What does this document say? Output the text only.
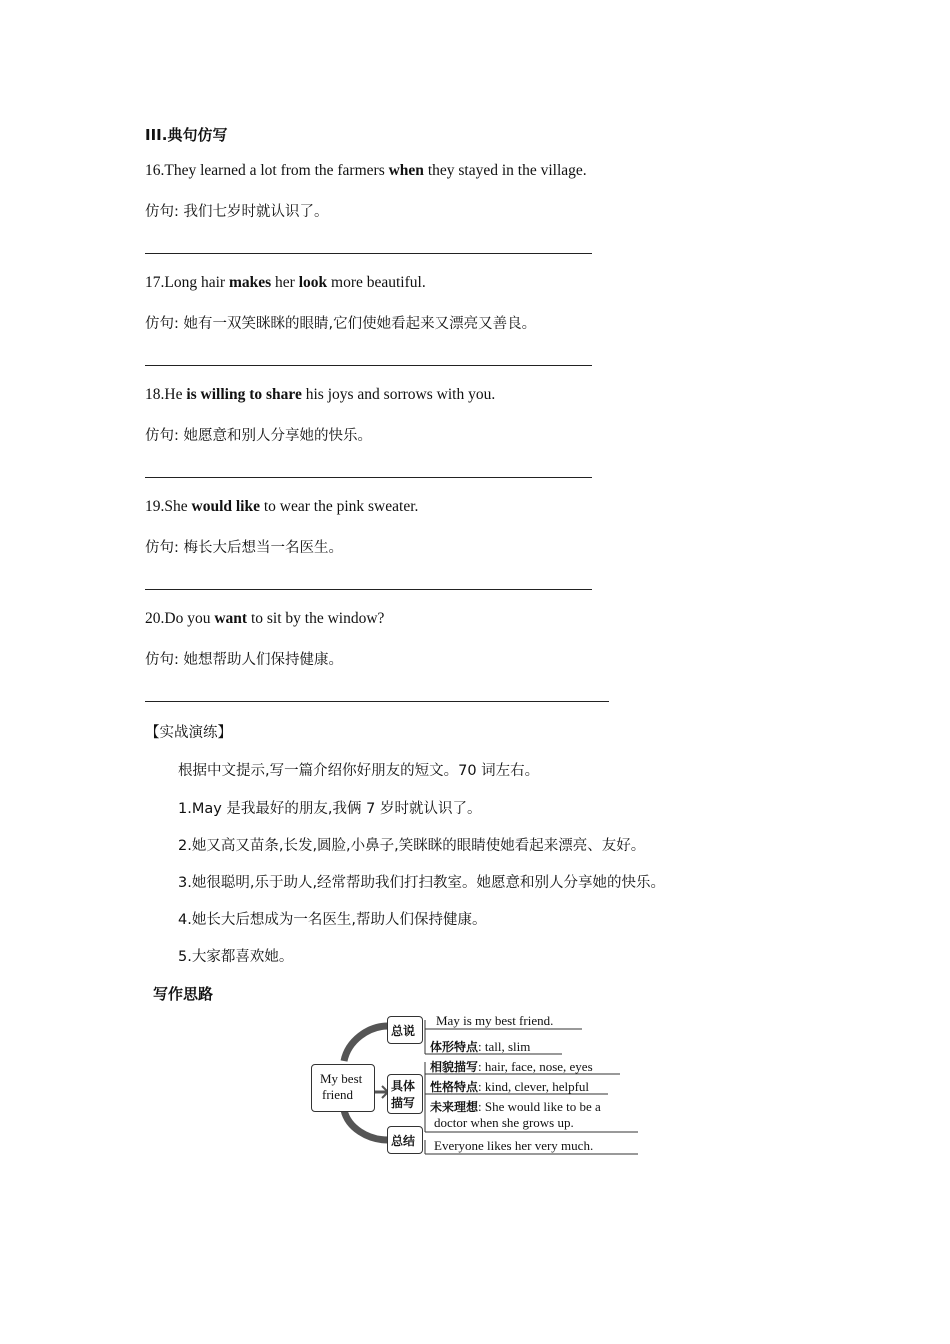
III.典句仿写
16.They learned a lot from the farmers when they stayed in the village.
仿句: 我们七岁时就认识了。
17.Long hair makes her look more beautiful.
仿句: 她有一双笑眯眯的眼睛,它们使她看起来又漂亮又善良。
18.He is willing to share his joys and sorrows with you.
仿句: 她愿意和别人分享她的快乐。
19.She would like to wear the pink sweater.
仿句: 梅长大后想当一名医生。
20.Do you want to sit by the window?
仿句: 她想帮助人们保持健康。
【实战演练】
根据中文提示,写一篇介绍你好朋友的短文。70 词左右。
1.May 是我最好的朋友,我俩 7 岁时就认识了。
2.她又高又苗条,长发,圆脸,小鼻子,笑眯眯的眼睛使她看起来漂亮、友好。
3.她很聪明,乐于助人,经常帮助我们打扫教室。她愿意和别人分享她的快乐。
4.她长大后想成为一名医生,帮助人们保持健康。
5.大家都喜欢她。
写作思路
My best
friend
总说
具体
描写
总结
May is my best friend.
体形特点: tall, slim
相貌描写: hair, face, nose, eyes
性格特点: kind, clever, helpful
未来理想: She would like to be a
doctor when she grows up.
Everyone likes her very much.
